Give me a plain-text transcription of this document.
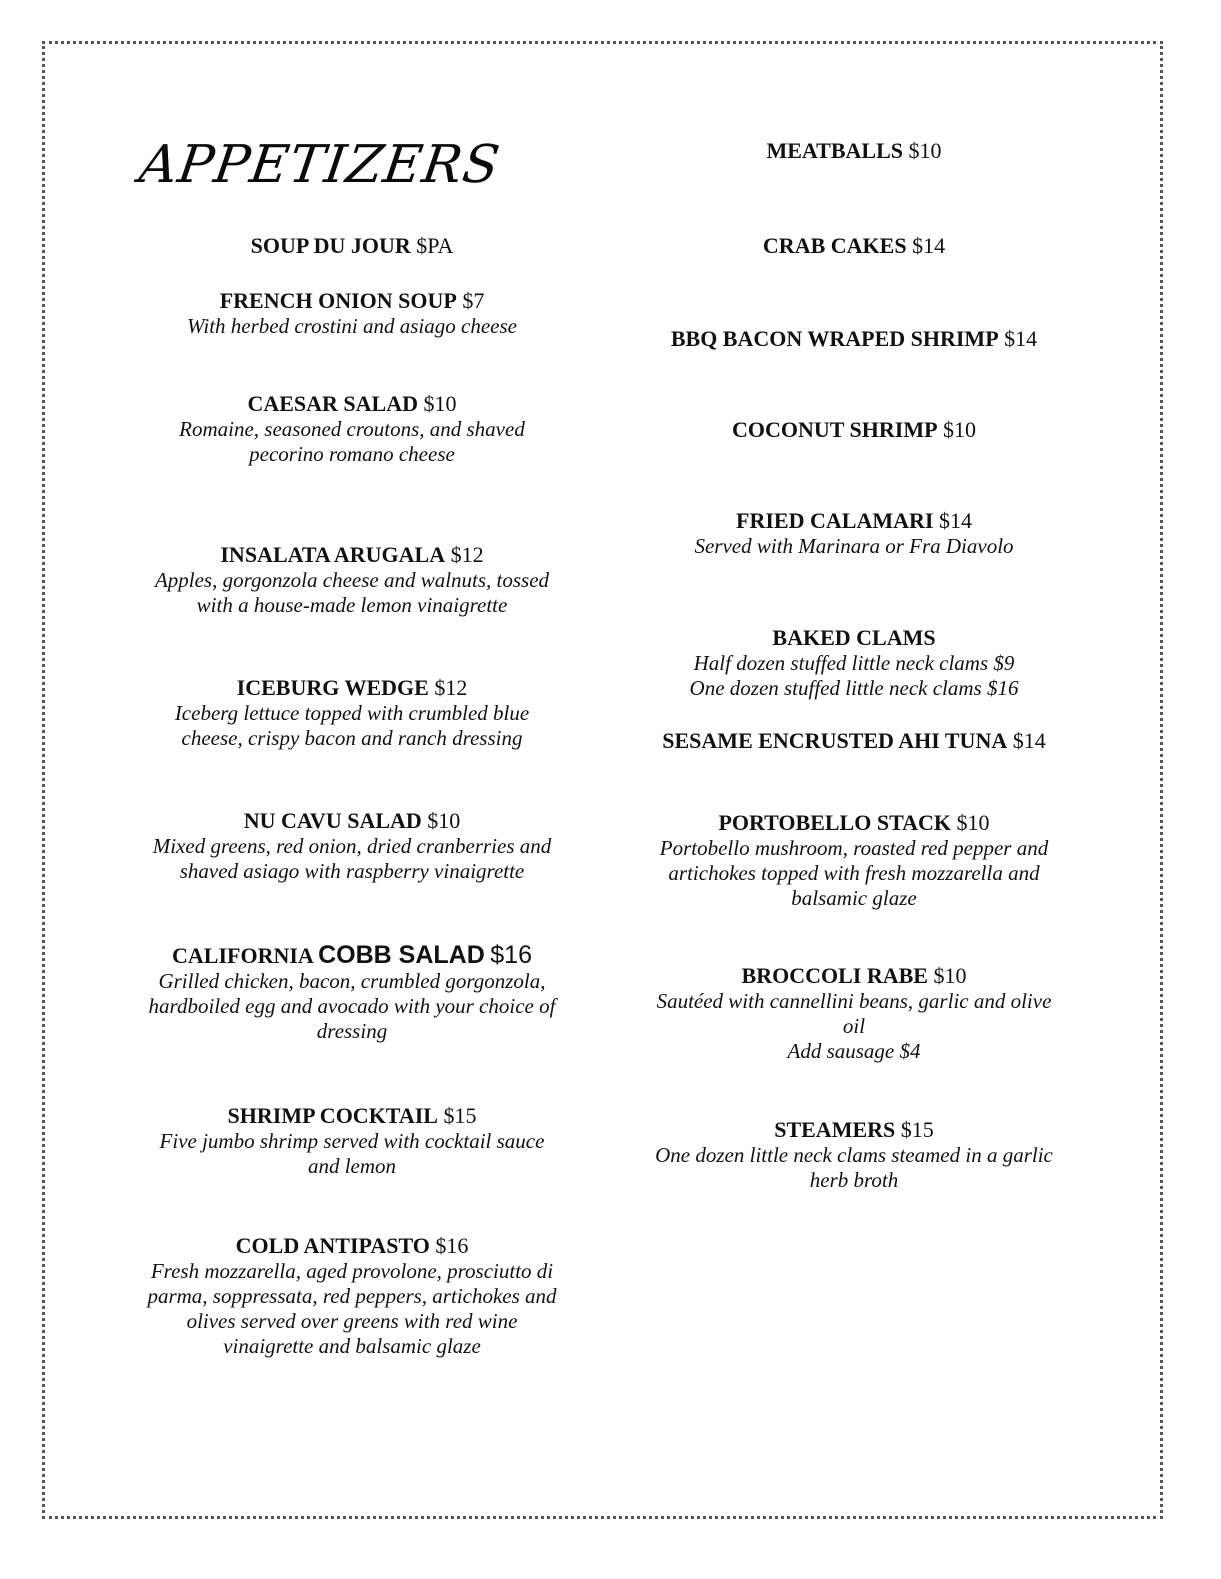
APPETIZERS
SOUP DU JOUR $PA
FRENCH ONION SOUP $7
With herbed crostini and asiago cheese
CAESAR SALAD $10
Romaine, seasoned croutons, and shaved
pecorino romano cheese
INSALATA ARUGALA $12
Apples, gorgonzola cheese and walnuts, tossed
with a house-made lemon vinaigrette
ICEBURG WEDGE $12
Iceberg lettuce topped with crumbled blue
cheese, crispy bacon and ranch dressing
NU CAVU SALAD $10
Mixed greens, red onion, dried cranberries and
shaved asiago with raspberry vinaigrette
CALIFORNIA COBB SALAD $16
Grilled chicken, bacon, crumbled gorgonzola,
hardboiled egg and avocado with your choice of
dressing
SHRIMP COCKTAIL $15
Five jumbo shrimp served with cocktail sauce
and lemon
COLD ANTIPASTO $16
Fresh mozzarella, aged provolone, prosciutto di
parma, soppressata, red peppers, artichokes and
olives served over greens with red wine
vinaigrette and balsamic glaze
MEATBALLS $10
CRAB CAKES $14
BBQ BACON WRAPED SHRIMP $14
COCONUT SHRIMP $10
FRIED CALAMARI $14
Served with Marinara or Fra Diavolo
BAKED CLAMS
Half dozen stuffed little neck clams $9
One dozen stuffed little neck clams $16
SESAME ENCRUSTED AHI TUNA $14
PORTOBELLO STACK $10
Portobello mushroom, roasted red pepper and
artichokes topped with fresh mozzarella and
balsamic glaze
BROCCOLI RABE $10
Sautéed with cannellini beans, garlic and olive
oil
Add sausage $4
STEAMERS $15
One dozen little neck clams steamed in a garlic
herb broth
